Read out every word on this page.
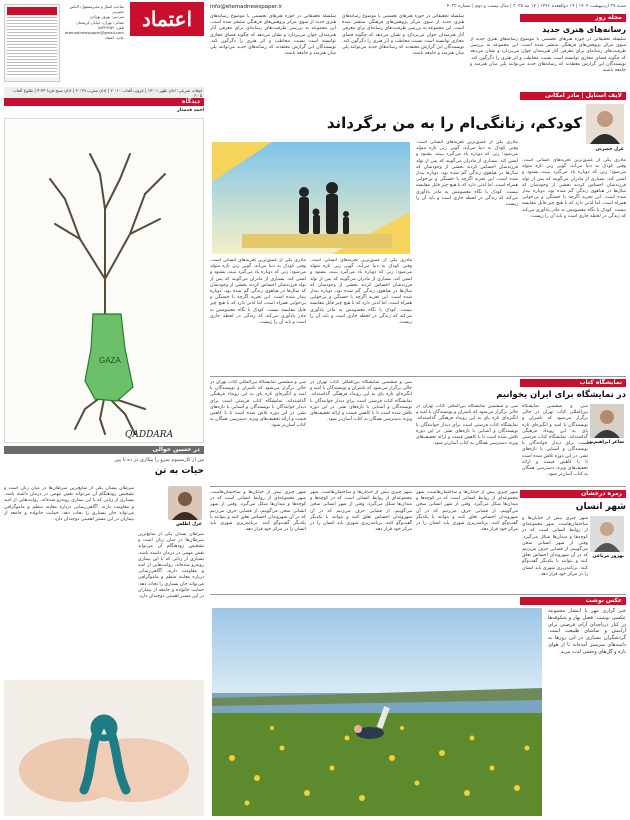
صاحب امتیاز و مدیرمسئول: الیاس حضرتی
سردبیر: بهروز بهزادی
نشانی: تهران، خیابان کریمخان
تلفن: ۸۸۳۴۳۲۵۲
etemadnewspaper@gmail.com
چاپ: اعتماد
اعتماد	info@etemadnewspaper.ir	شنبه ۲۷ اردیبهشت ۱۴۰۴ | ۱۹ ذوالقعده ۱۴۴۶ | ۱۷ مه ۲۰۲۵ | سال بیست و دوم | شماره ۴۰۲۲
اوقات شرعی: اذان ظهر ۱۳:۰۱ | غروب آفتاب ۲۰:۱۰ | اذان مغرب ۲۰:۲۹ | اذان صبح فردا ۴:۳۴ | طلوع آفتاب ۶:۰۵
دیدگاه
احمد قدمدار
GAZA
QADDARA
در حسین حوالی
من از کارسینوم سرو را پیکاری در ده با پین
حیات به تن
غزل اطلس
سرطان پستان یکی از شایع‌ترین سرطان‌ها در میان زنان است و تشخیص زودهنگام آن می‌تواند نقش مهمی در درمان داشته باشد. بسیاری از زنانی که با این بیماری روبه‌رو شده‌اند، روایت‌هایی از امید و مقاومت دارند. آگاهی‌رسانی درباره معاینه منظم و ماموگرافی می‌تواند جان بسیاری را نجات دهد. حمایت خانواده و جامعه از بیماران در این مسیر اهمیتی دوچندان دارد.
سرطان پستان یکی از شایع‌ترین سرطان‌ها در میان زنان است و تشخیص زودهنگام آن می‌تواند نقش مهمی در درمان داشته باشد. بسیاری از زنانی که با این بیماری روبه‌رو شده‌اند، روایت‌هایی از امید و مقاومت دارند. آگاهی‌رسانی درباره معاینه منظم و ماموگرافی می‌تواند جان بسیاری را نجات دهد. حمایت خانواده و جامعه از بیماران در این مسیر اهمیتی دوچندان دارد.
مجله روز
رسانه‌های هنری جدید
سلسله تحقیقاتی در حوزه هنرهای تجسمی با موضوع رسانه‌های هنری جدید از سوی مرکز پژوهش‌های فرهنگی منتشر شده است. این مجموعه به بررسی ظرفیت‌های رسانه‌ای برای معرفی آثار هنرمندان جوان می‌پردازد و نشان می‌دهد که چگونه فضای مجازی توانسته است نسبت مخاطب و اثر هنری را دگرگون کند. نویسندگان این گزارش معتقدند که رسانه‌های جدید می‌توانند پلی میان هنرمند و جامعه باشند.
سلسله تحقیقاتی در حوزه هنرهای تجسمی با موضوع رسانه‌های هنری جدید از سوی مرکز پژوهش‌های فرهنگی منتشر شده است. این مجموعه به بررسی ظرفیت‌های رسانه‌ای برای معرفی آثار هنرمندان جوان می‌پردازد و نشان می‌دهد که چگونه فضای مجازی توانسته است نسبت مخاطب و اثر هنری را دگرگون کند. نویسندگان این گزارش معتقدند که رسانه‌های جدید می‌توانند پلی میان هنرمند و جامعه باشند.
سلسله تحقیقاتی در حوزه هنرهای تجسمی با موضوع رسانه‌های هنری جدید از سوی مرکز پژوهش‌های فرهنگی منتشر شده است. این مجموعه به بررسی ظرفیت‌های رسانه‌ای برای معرفی آثار هنرمندان جوان می‌پردازد و نشان می‌دهد که چگونه فضای مجازی توانسته است نسبت مخاطب و اثر هنری را دگرگون کند. نویسندگان این گزارش معتقدند که رسانه‌های جدید می‌توانند پلی میان هنرمند و جامعه باشند.
لایف استایل | مادر امکانی
غزل حضرتی
کودکم، زنانگی‌ام را به من برگرداند
مادری یکی از عمیق‌ترین تجربه‌های انسانی است. وقتی کودک به دنیا می‌آید، گویی زنی تازه متولد می‌شود؛ زنی که دوباره یاد می‌گیرد ببیند، بشنود و لمس کند. بسیاری از مادران می‌گویند که پس از تولد فرزندشان احساس کردند بخشی از وجودشان که سال‌ها در هیاهوی زندگی گم شده بود، دوباره بیدار شده است. این تجربه اگرچه با خستگی و بی‌خوابی همراه است، اما لذتی دارد که با هیچ چیز قابل مقایسه نیست. کودک با نگاه معصومش به مادر یادآوری می‌کند که زندگی در لحظه جاری است و باید آن را زیست.
مادری یکی از عمیق‌ترین تجربه‌های انسانی است. وقتی کودک به دنیا می‌آید، گویی زنی تازه متولد می‌شود؛ زنی که دوباره یاد می‌گیرد ببیند، بشنود و لمس کند. بسیاری از مادران می‌گویند که پس از تولد فرزندشان احساس کردند بخشی از وجودشان که سال‌ها در هیاهوی زندگی گم شده بود، دوباره بیدار شده است. این تجربه اگرچه با خستگی و بی‌خوابی همراه است، اما لذتی دارد که با هیچ چیز قابل مقایسه نیست. کودک با نگاه معصومش به مادر یادآوری می‌کند که زندگی در لحظه جاری است و باید آن را زیست.
مادری یکی از عمیق‌ترین تجربه‌های انسانی است. وقتی کودک به دنیا می‌آید، گویی زنی تازه متولد می‌شود؛ زنی که دوباره یاد می‌گیرد ببیند، بشنود و لمس کند. بسیاری از مادران می‌گویند که پس از تولد فرزندشان احساس کردند بخشی از وجودشان که سال‌ها در هیاهوی زندگی گم شده بود، دوباره بیدار شده است. این تجربه اگرچه با خستگی و بی‌خوابی همراه است، اما لذتی دارد که با هیچ چیز قابل مقایسه نیست. کودک با نگاه معصومش به مادر یادآوری می‌کند که زندگی در لحظه جاری است و باید آن را زیست.
مادری یکی از عمیق‌ترین تجربه‌های انسانی است. وقتی کودک به دنیا می‌آید، گویی زنی تازه متولد می‌شود؛ زنی که دوباره یاد می‌گیرد ببیند، بشنود و لمس کند. بسیاری از مادران می‌گویند که پس از تولد فرزندشان احساس کردند بخشی از وجودشان که سال‌ها در هیاهوی زندگی گم شده بود، دوباره بیدار شده است. این تجربه اگرچه با خستگی و بی‌خوابی همراه است، اما لذتی دارد که با هیچ چیز قابل مقایسه نیست. کودک با نگاه معصومش به مادر یادآوری می‌کند که زندگی در لحظه جاری است و باید آن را زیست.
نمایشگاه کتاب
در نمایشگاه برای ایران بخوانیم
ساغر ابراهیم‌پور
سی و ششمین نمایشگاه بین‌المللی کتاب تهران در حالی برگزار می‌شود که ناشران و نویسندگان با امید و انگیزه‌ای تازه پای به این رویداد فرهنگی گذاشته‌اند. نمایشگاه کتاب فرصتی است برای دیدار خوانندگان با نویسندگان و آشنایی با تازه‌های نشر. در این دوره تلاش شده است تا با کاهش قیمت و ارائه تخفیف‌های ویژه، دسترسی همگان به کتاب آسان‌تر شود.
سی و ششمین نمایشگاه بین‌المللی کتاب تهران در حالی برگزار می‌شود که ناشران و نویسندگان با امید و انگیزه‌ای تازه پای به این رویداد فرهنگی گذاشته‌اند. نمایشگاه کتاب فرصتی است برای دیدار خوانندگان با نویسندگان و آشنایی با تازه‌های نشر. در این دوره تلاش شده است تا با کاهش قیمت و ارائه تخفیف‌های ویژه، دسترسی همگان به کتاب آسان‌تر شود.
سی و ششمین نمایشگاه بین‌المللی کتاب تهران در حالی برگزار می‌شود که ناشران و نویسندگان با امید و انگیزه‌ای تازه پای به این رویداد فرهنگی گذاشته‌اند. نمایشگاه کتاب فرصتی است برای دیدار خوانندگان با نویسندگان و آشنایی با تازه‌های نشر. در این دوره تلاش شده است تا با کاهش قیمت و ارائه تخفیف‌های ویژه، دسترسی همگان به کتاب آسان‌تر شود.
سی و ششمین نمایشگاه بین‌المللی کتاب تهران در حالی برگزار می‌شود که ناشران و نویسندگان با امید و انگیزه‌ای تازه پای به این رویداد فرهنگی گذاشته‌اند. نمایشگاه کتاب فرصتی است برای دیدار خوانندگان با نویسندگان و آشنایی با تازه‌های نشر. در این دوره تلاش شده است تا با کاهش قیمت و ارائه تخفیف‌های ویژه، دسترسی همگان به کتاب آسان‌تر شود.
زمره درخشان
شهر انسان
بهروز مرباغی
شهر چیزی بیش از خیابان‌ها و ساختمان‌هاست. شهر مجموعه‌ای از روابط انسانی است که در کوچه‌ها و میدان‌ها شکل می‌گیرد. وقتی از شهر انسانی سخن می‌گوییم، از فضایی حرف می‌زنیم که در آن شهروندان احساس تعلق کنند و بتوانند با یکدیگر گفت‌وگو کنند. برنامه‌ریزی شهری باید انسان را در مرکز خود قرار دهد.
شهر چیزی بیش از خیابان‌ها و ساختمان‌هاست. شهر مجموعه‌ای از روابط انسانی است که در کوچه‌ها و میدان‌ها شکل می‌گیرد. وقتی از شهر انسانی سخن می‌گوییم، از فضایی حرف می‌زنیم که در آن شهروندان احساس تعلق کنند و بتوانند با یکدیگر گفت‌وگو کنند. برنامه‌ریزی شهری باید انسان را در مرکز خود قرار دهد.
شهر چیزی بیش از خیابان‌ها و ساختمان‌هاست. شهر مجموعه‌ای از روابط انسانی است که در کوچه‌ها و میدان‌ها شکل می‌گیرد. وقتی از شهر انسانی سخن می‌گوییم، از فضایی حرف می‌زنیم که در آن شهروندان احساس تعلق کنند و بتوانند با یکدیگر گفت‌وگو کنند. برنامه‌ریزی شهری باید انسان را در مرکز خود قرار دهد.
شهر چیزی بیش از خیابان‌ها و ساختمان‌هاست. شهر مجموعه‌ای از روابط انسانی است که در کوچه‌ها و میدان‌ها شکل می‌گیرد. وقتی از شهر انسانی سخن می‌گوییم، از فضایی حرف می‌زنیم که در آن شهروندان احساس تعلق کنند و بتوانند با یکدیگر گفت‌وگو کنند. برنامه‌ریزی شهری باید انسان را در مرکز خود قرار دهد.
عکس نوشت
خبر گزاری مهر با انتشار مجموعه عکسی نوشت: فصل بهار و شکوفه‌ها در کنار دریاچه‌ای آرام، فرصتی برای آرامش و تماشای طبیعت است. گردشگران بسیاری در این روزها به دامنه‌های سرسبز آمده‌اند تا از هوای تازه و گل‌های وحشی لذت ببرند.
